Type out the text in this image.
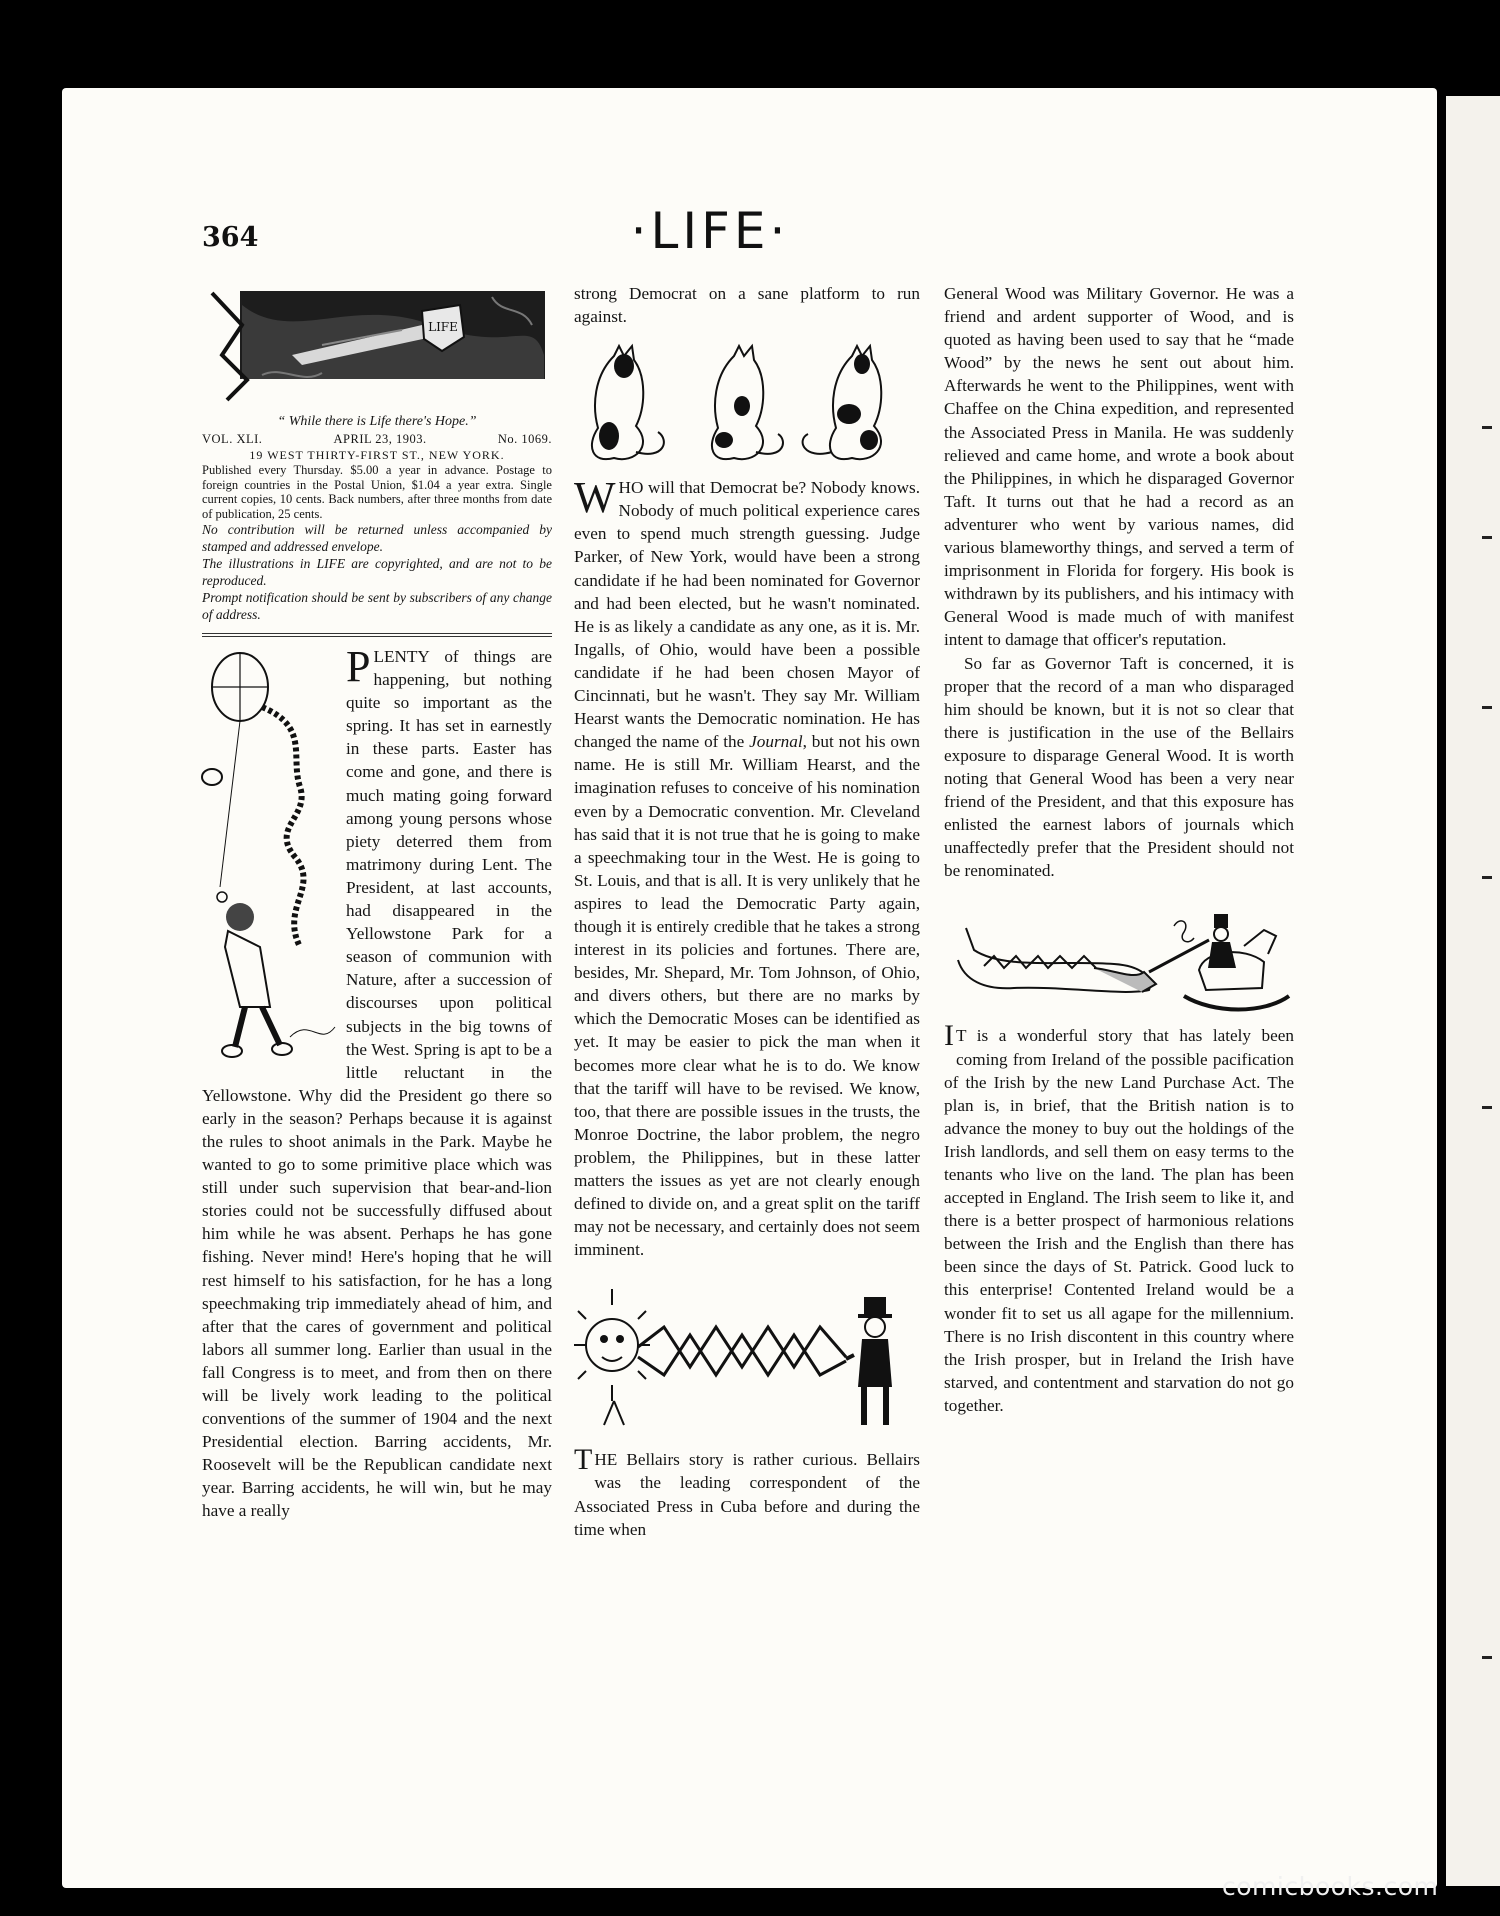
364	·LIFE·
LIFE
“ While there is Life there's Hope.”
VOL. XLI.	APRIL 23, 1903.	No. 1069.
19 WEST THIRTY-FIRST ST., NEW YORK.

Published every Thursday. $5.00 a year in advance. Postage to foreign countries in the Postal Union, $1.04 a year extra. Single current copies, 10 cents. Back numbers, after three months from date of publication, 25 cents.

No contribution will be returned unless accompanied by stamped and addressed envelope.

The illustrations in LIFE are copyrighted, and are not to be reproduced.

Prompt notification should be sent by subscribers of any change of address.

PLENTY of things are happening, but nothing quite so important as the spring. It has set in earnestly in these parts. Easter has come and gone, and there is much mating going forward among young persons whose piety deterred them from matrimony during Lent. The President, at last accounts, had disappeared in the Yellowstone Park for a season of communion with Nature, after a succession of discourses upon political subjects in the big towns of the West. Spring is apt to be a little reluctant in the Yellowstone. Why did the President go there so early in the season? Perhaps because it is against the rules to shoot animals in the Park. Maybe he wanted to go to some primitive place which was still under such supervision that bear-and-lion stories could not be successfully diffused about him while he was absent. Perhaps he has gone fishing. Never mind! Here's hoping that he will rest himself to his satisfaction, for he has a long speechmaking trip immediately ahead of him, and after that the cares of government and political labors all summer long. Earlier than usual in the fall Congress is to meet, and from then on there will be lively work leading to the political conventions of the summer of 1904 and the next Presidential election. Barring accidents, Mr. Roosevelt will be the Republican candidate next year. Barring accidents, he will win, but he may have a really

strong Democrat on a sane platform to run against.

WHO will that Democrat be? Nobody knows. Nobody of much political experience cares even to spend much strength guessing. Judge Parker, of New York, would have been a strong candidate if he had been nominated for Governor and had been elected, but he wasn't nominated. He is as likely a candidate as any one, as it is. Mr. Ingalls, of Ohio, would have been a possible candidate if he had been chosen Mayor of Cincinnati, but he wasn't. They say Mr. William Hearst wants the Democratic nomination. He has changed the name of the Journal, but not his own name. He is still Mr. William Hearst, and the imagination refuses to conceive of his nomination even by a Democratic convention. Mr. Cleveland has said that it is not true that he is going to make a speechmaking tour in the West. He is going to St. Louis, and that is all. It is very unlikely that he aspires to lead the Democratic Party again, though it is entirely credible that he takes a strong interest in its policies and fortunes. There are, besides, Mr. Shepard, Mr. Tom Johnson, of Ohio, and divers others, but there are no marks by which the Democratic Moses can be identified as yet. It may be easier to pick the man when it becomes more clear what he is to do. We know that the tariff will have to be revised. We know, too, that there are possible issues in the trusts, the Monroe Doctrine, the labor problem, the negro problem, the Philippines, but in these latter matters the issues as yet are not clearly enough defined to divide on, and a great split on the tariff may not be necessary, and certainly does not seem imminent.

THE Bellairs story is rather curious. Bellairs was the leading correspondent of the Associated Press in Cuba before and during the time when

General Wood was Military Governor. He was a friend and ardent supporter of Wood, and is quoted as having been used to say that he “made Wood” by the news he sent out about him. Afterwards he went to the Philippines, went with Chaffee on the China expedition, and represented the Associated Press in Manila. He was suddenly relieved and came home, and wrote a book about the Philippines, in which he disparaged Governor Taft. It turns out that he had a record as an adventurer who went by various names, did various blameworthy things, and served a term of imprisonment in Florida for forgery. His book is withdrawn by its publishers, and his intimacy with General Wood is made much of with manifest intent to damage that officer's reputation.

So far as Governor Taft is concerned, it is proper that the record of a man who disparaged him should be known, but it is not so clear that there is justification in the use of the Bellairs exposure to disparage General Wood. It is worth noting that General Wood has been a very near friend of the President, and that this exposure has enlisted the earnest labors of journals which unaffectedly prefer that the President should not be renominated.

I T is a wonderful story that has lately been coming from Ireland of the possible pacification of the Irish by the new Land Purchase Act. The plan is, in brief, that the British nation is to advance the money to buy out the holdings of the Irish landlords, and sell them on easy terms to the tenants who live on the land. The plan has been accepted in England. The Irish seem to like it, and there is a better prospect of harmonious relations between the Irish and the English than there has been since the days of St. Patrick. Good luck to this enterprise! Contented Ireland would be a wonder fit to set us all agape for the millennium. There is no Irish discontent in this country where the Irish prosper, but in Ireland the Irish have starved, and contentment and starvation do not go together.

comicbooks.com
